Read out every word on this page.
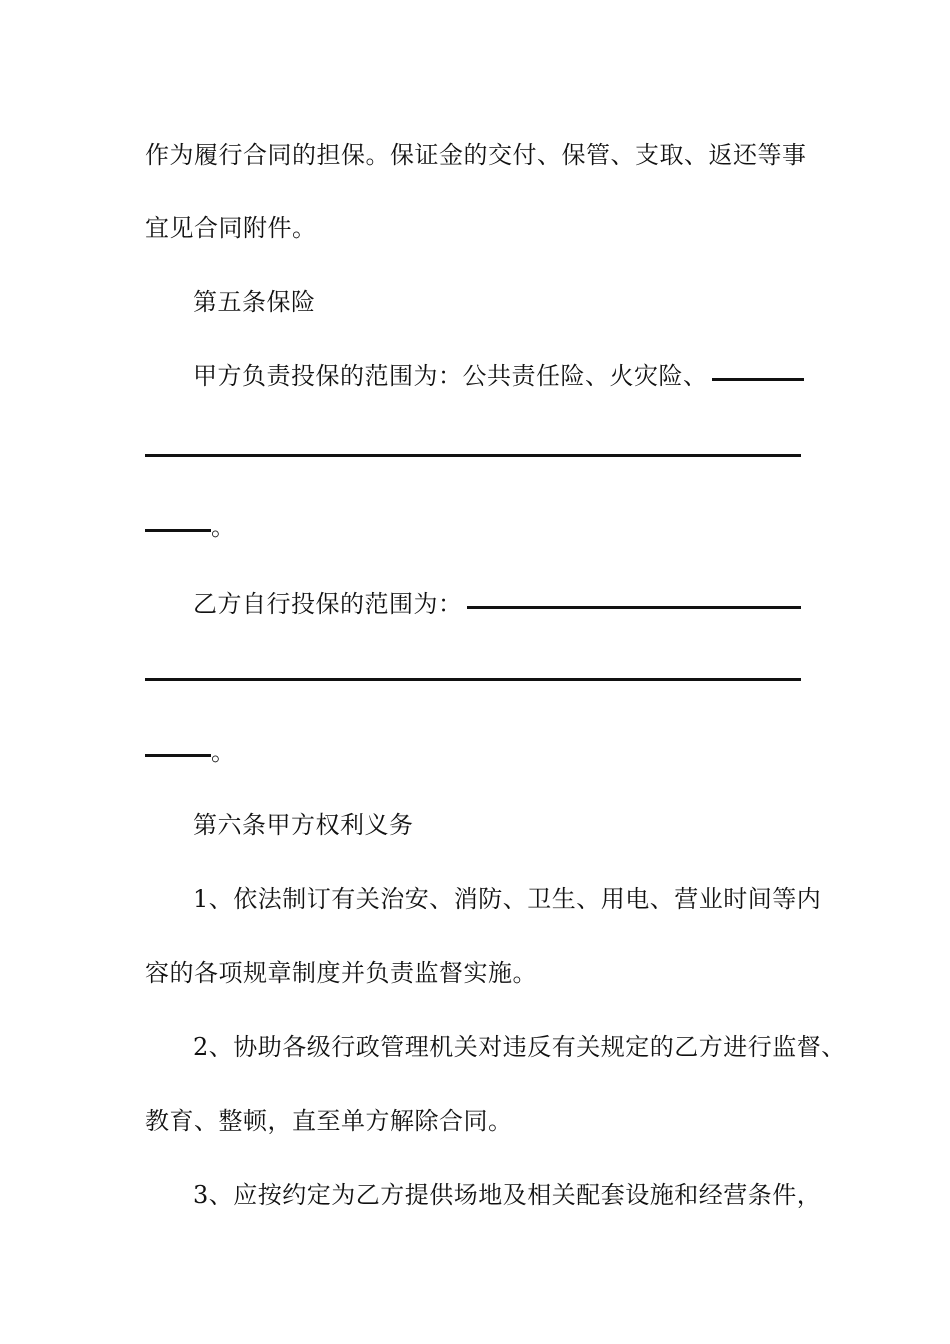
作为履行合同的担保。保证金的交付、保管、支取、返还等事
宜见合同附件。
第五条保险
甲方负责投保的范围为：公共责任险、火灾险、
。
乙方自行投保的范围为：
。
第六条甲方权利义务
1、依法制订有关治安、消防、卫生、用电、营业时间等内
容的各项规章制度并负责监督实施。
2、协助各级行政管理机关对违反有关规定的乙方进行监督、
教育、整顿，直至单方解除合同。
3、应按约定为乙方提供场地及相关配套设施和经营条件，
